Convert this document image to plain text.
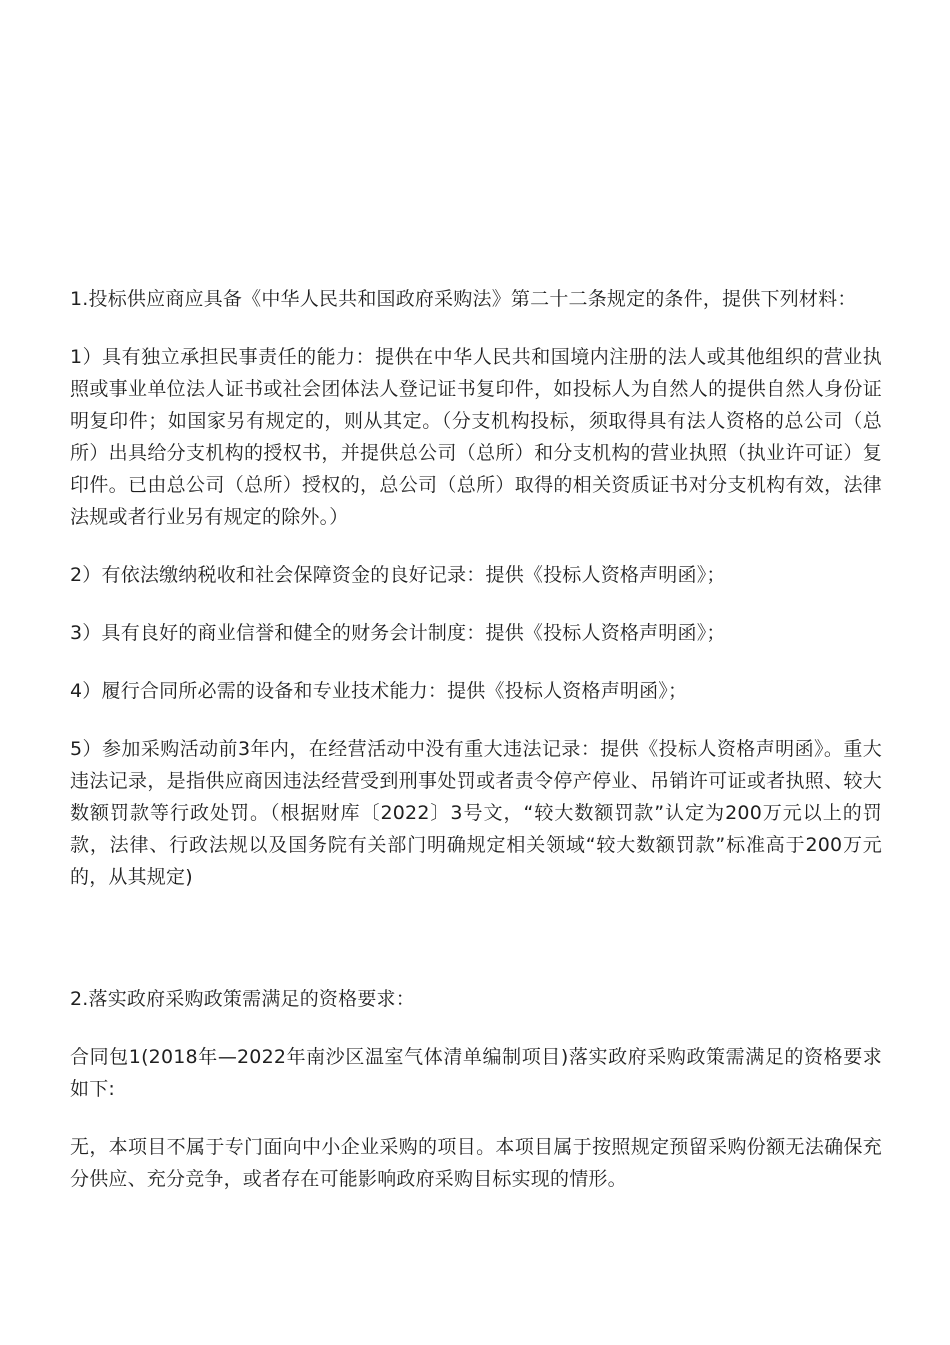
1.投标供应商应具备《中华人民共和国政府采购法》第二十二条规定的条件，提供下列材料：

1）具有独立承担民事责任的能力：提供在中华人民共和国境内注册的法人或其他组织的营业执照或事业单位法人证书或社会团体法人登记证书复印件，如投标人为自然人的提供自然人身份证明复印件；如国家另有规定的，则从其定。（分支机构投标，须取得具有法人资格的总公司（总所）出具给分支机构的授权书，并提供总公司（总所）和分支机构的营业执照（执业许可证）复印件。已由总公司（总所）授权的，总公司（总所）取得的相关资质证书对分支机构有效，法律法规或者行业另有规定的除外。）

2）有依法缴纳税收和社会保障资金的良好记录：提供《投标人资格声明函》；

3）具有良好的商业信誉和健全的财务会计制度：提供《投标人资格声明函》；

4）履行合同所必需的设备和专业技术能力：提供《投标人资格声明函》；

5）参加采购活动前3年内，在经营活动中没有重大违法记录：提供《投标人资格声明函》。重大违法记录，是指供应商因违法经营受到刑事处罚或者责令停产停业、吊销许可证或者执照、较大数额罚款等行政处罚。（根据财库〔2022〕3号文，“较大数额罚款”认定为200万元以上的罚款，法律、行政法规以及国务院有关部门明确规定相关领域“较大数额罚款”标准高于200万元的，从其规定)

2.落实政府采购政策需满足的资格要求：

合同包1(2018年—2022年南沙区温室气体清单编制项目)落实政府采购政策需满足的资格要求如下:

无，本项目不属于专门面向中小企业采购的项目。本项目属于按照规定预留采购份额无法确保充分供应、充分竞争，或者存在可能影响政府采购目标实现的情形。
